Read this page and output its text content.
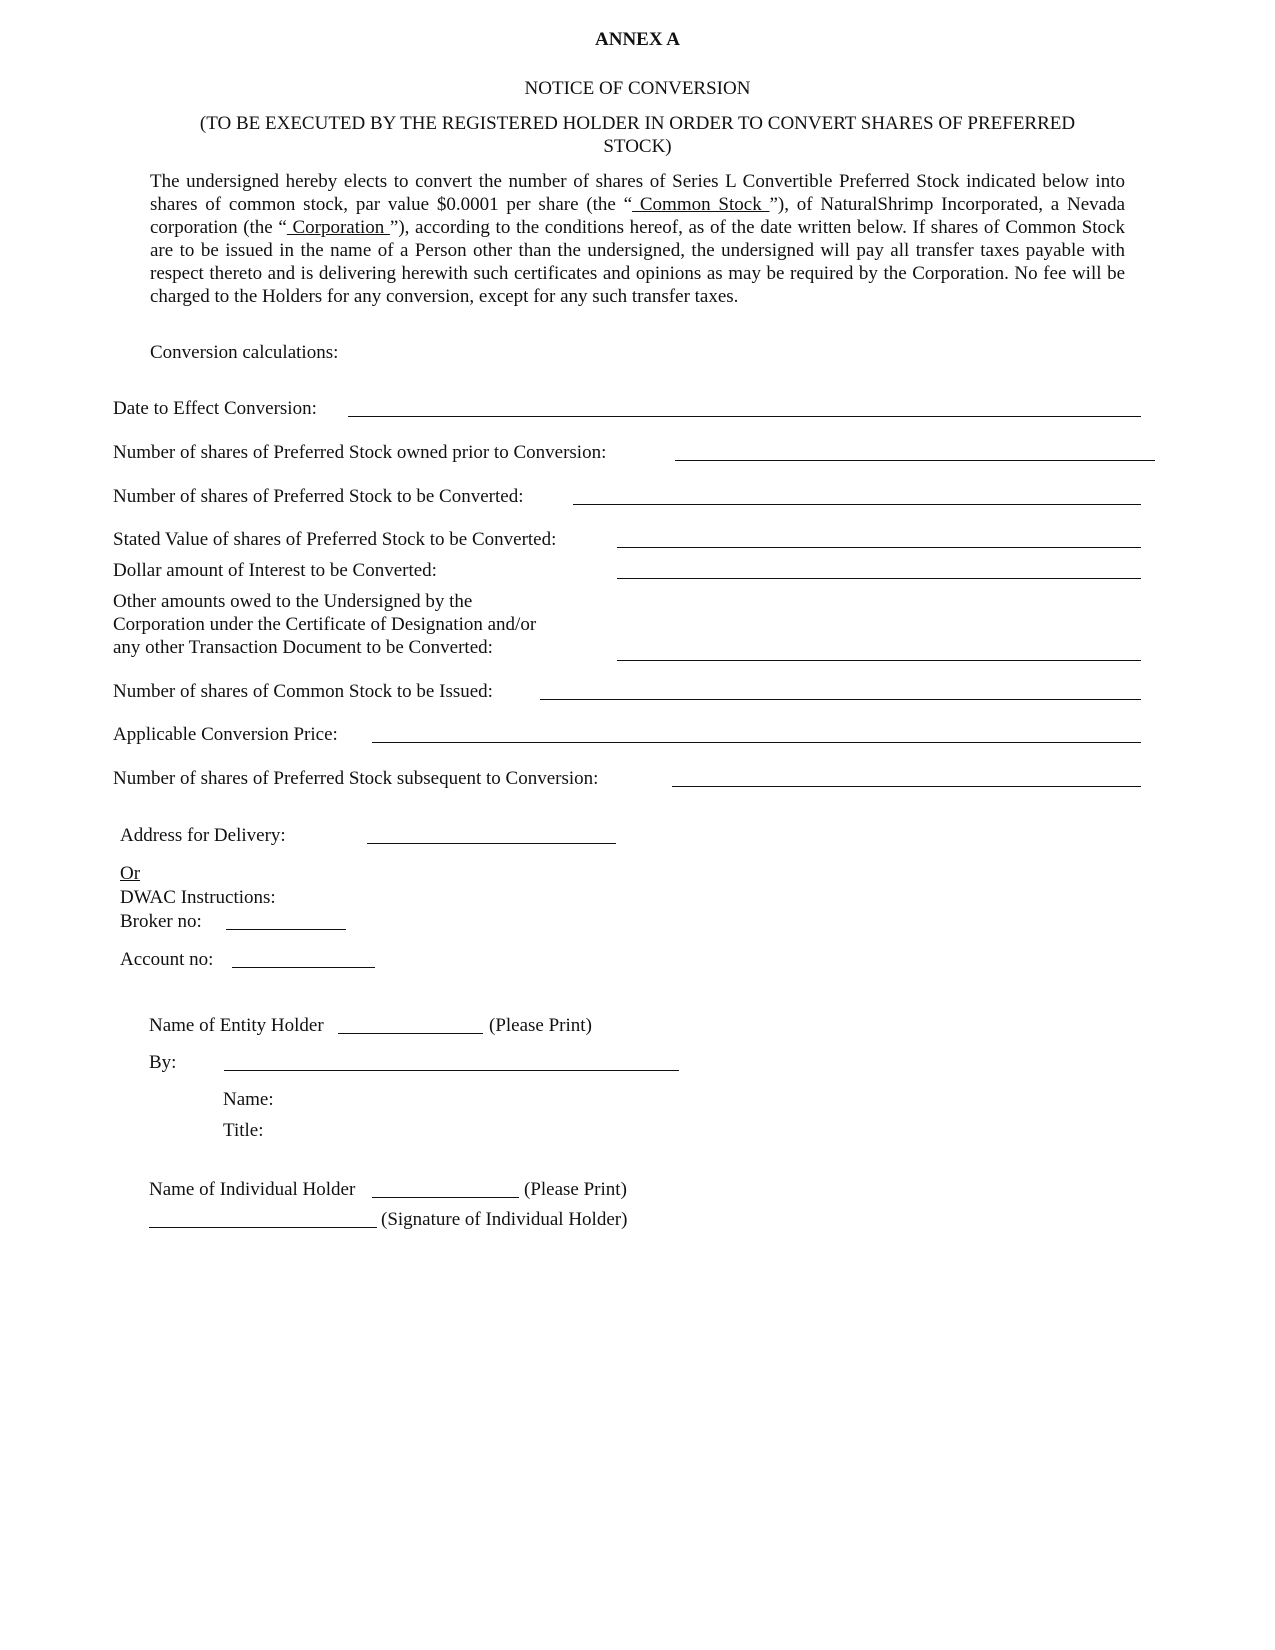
ANNEX A
NOTICE OF CONVERSION
(TO BE EXECUTED BY THE REGISTERED HOLDER IN ORDER TO CONVERT SHARES OF PREFERRED
STOCK)
The undersigned hereby elects to convert the number of shares of Series L Convertible Preferred Stock indicated below into shares of common stock, par value $0.0001 per share (the “ Common Stock ”), of NaturalShrimp Incorporated, a Nevada corporation (the “ Corporation ”), according to the conditions hereof, as of the date written below. If shares of Common Stock are to be issued in the name of a Person other than the undersigned, the undersigned will pay all transfer taxes payable with respect thereto and is delivering herewith such certificates and opinions as may be required by the Corporation. No fee will be charged to the Holders for any conversion, except for any such transfer taxes.
Conversion calculations:
Date to Effect Conversion:
Number of shares of Preferred Stock owned prior to Conversion:
Number of shares of Preferred Stock to be Converted:
Stated Value of shares of Preferred Stock to be Converted:
Dollar amount of Interest to be Converted:
Other amounts owed to the Undersigned by the
Corporation under the Certificate of Designation and/or
any other Transaction Document to be Converted:
Number of shares of Common Stock to be Issued:
Applicable Conversion Price:
Number of shares of Preferred Stock subsequent to Conversion:
Address for Delivery:
Or
DWAC Instructions:
Broker no:
Account no:
Name of Entity Holder	(Please Print)
By:
Name:
Title:
Name of Individual Holder	(Please Print)
(Signature of Individual Holder)
